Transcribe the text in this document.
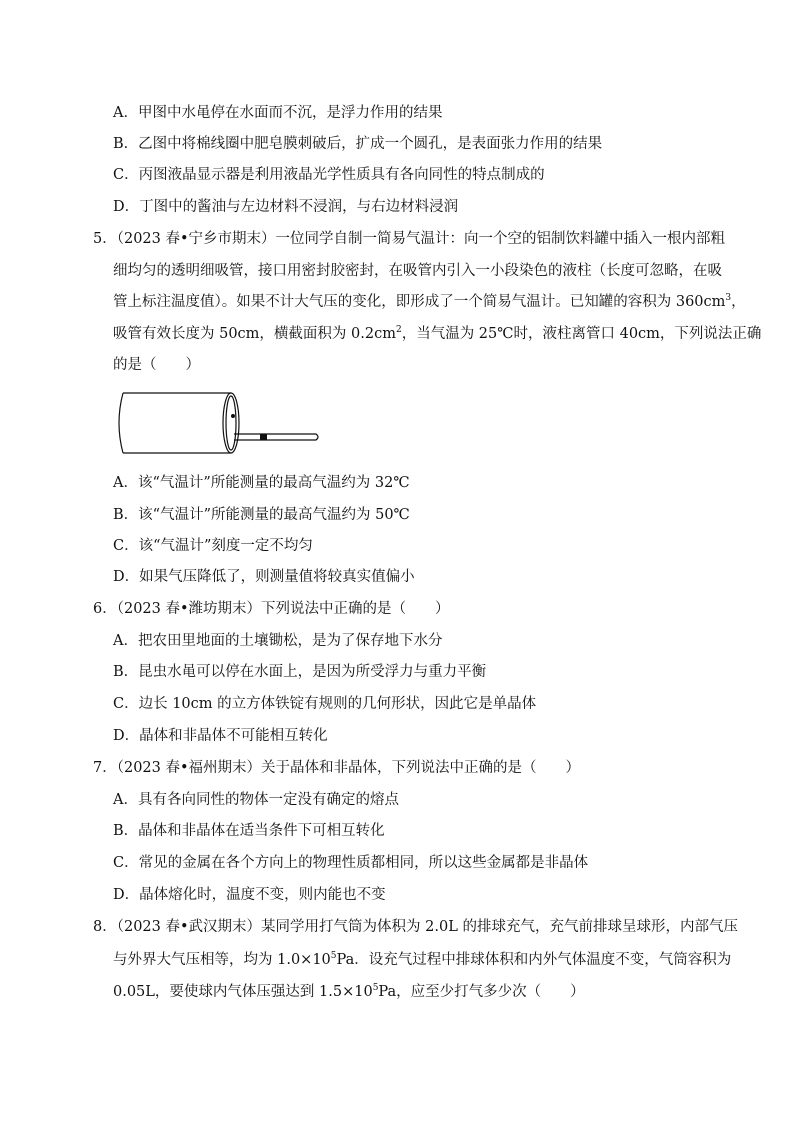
A．甲图中水黾停在水面而不沉，是浮力作用的结果
B．乙图中将棉线圈中肥皂膜刺破后，扩成一个圆孔，是表面张力作用的结果
C．丙图液晶显示器是利用液晶光学性质具有各向同性的特点制成的
D．丁图中的酱油与左边材料不浸润，与右边材料浸润
5．（2023 春•宁乡市期末）一位同学自制一简易气温计：向一个空的铝制饮料罐中插入一根内部粗
细均匀的透明细吸管，接口用密封胶密封，在吸管内引入一小段染色的液柱（长度可忽略，在吸
管上标注温度值）。如果不计大气压的变化，即形成了一个简易气温计。已知罐的容积为 $360cm^3$，
吸管有效长度为 50cm，横截面积为 $0.2cm^2$，当气温为 25℃时，液柱离管口 40cm，下列说法正确
的是（　　）
A．该“气温计”所能测量的最高气温约为 32℃
B．该“气温计”所能测量的最高气温约为 50℃
C．该“气温计”刻度一定不均匀
D．如果气压降低了，则测量值将较真实值偏小
6．（2023 春•潍坊期末）下列说法中正确的是（　　）
A．把农田里地面的土壤锄松，是为了保存地下水分
B．昆虫水黾可以停在水面上，是因为所受浮力与重力平衡
C．边长 10cm 的立方体铁锭有规则的几何形状，因此它是单晶体
D．晶体和非晶体不可能相互转化
7．（2023 春•福州期末）关于晶体和非晶体，下列说法中正确的是（　　）
A．具有各向同性的物体一定没有确定的熔点
B．晶体和非晶体在适当条件下可相互转化
C．常见的金属在各个方向上的物理性质都相同，所以这些金属都是非晶体
D．晶体熔化时，温度不变，则内能也不变
8．（2023 春•武汉期末）某同学用打气筒为体积为 2.0L 的排球充气，充气前排球呈球形，内部气压
与外界大气压相等，均为 $1.0\times 10^5Pa$．设充气过程中排球体积和内外气体温度不变，气筒容积为
0.05L，要使球内气体压强达到 $1.5\times 10^5Pa$，应至少打气多少次（　　）
